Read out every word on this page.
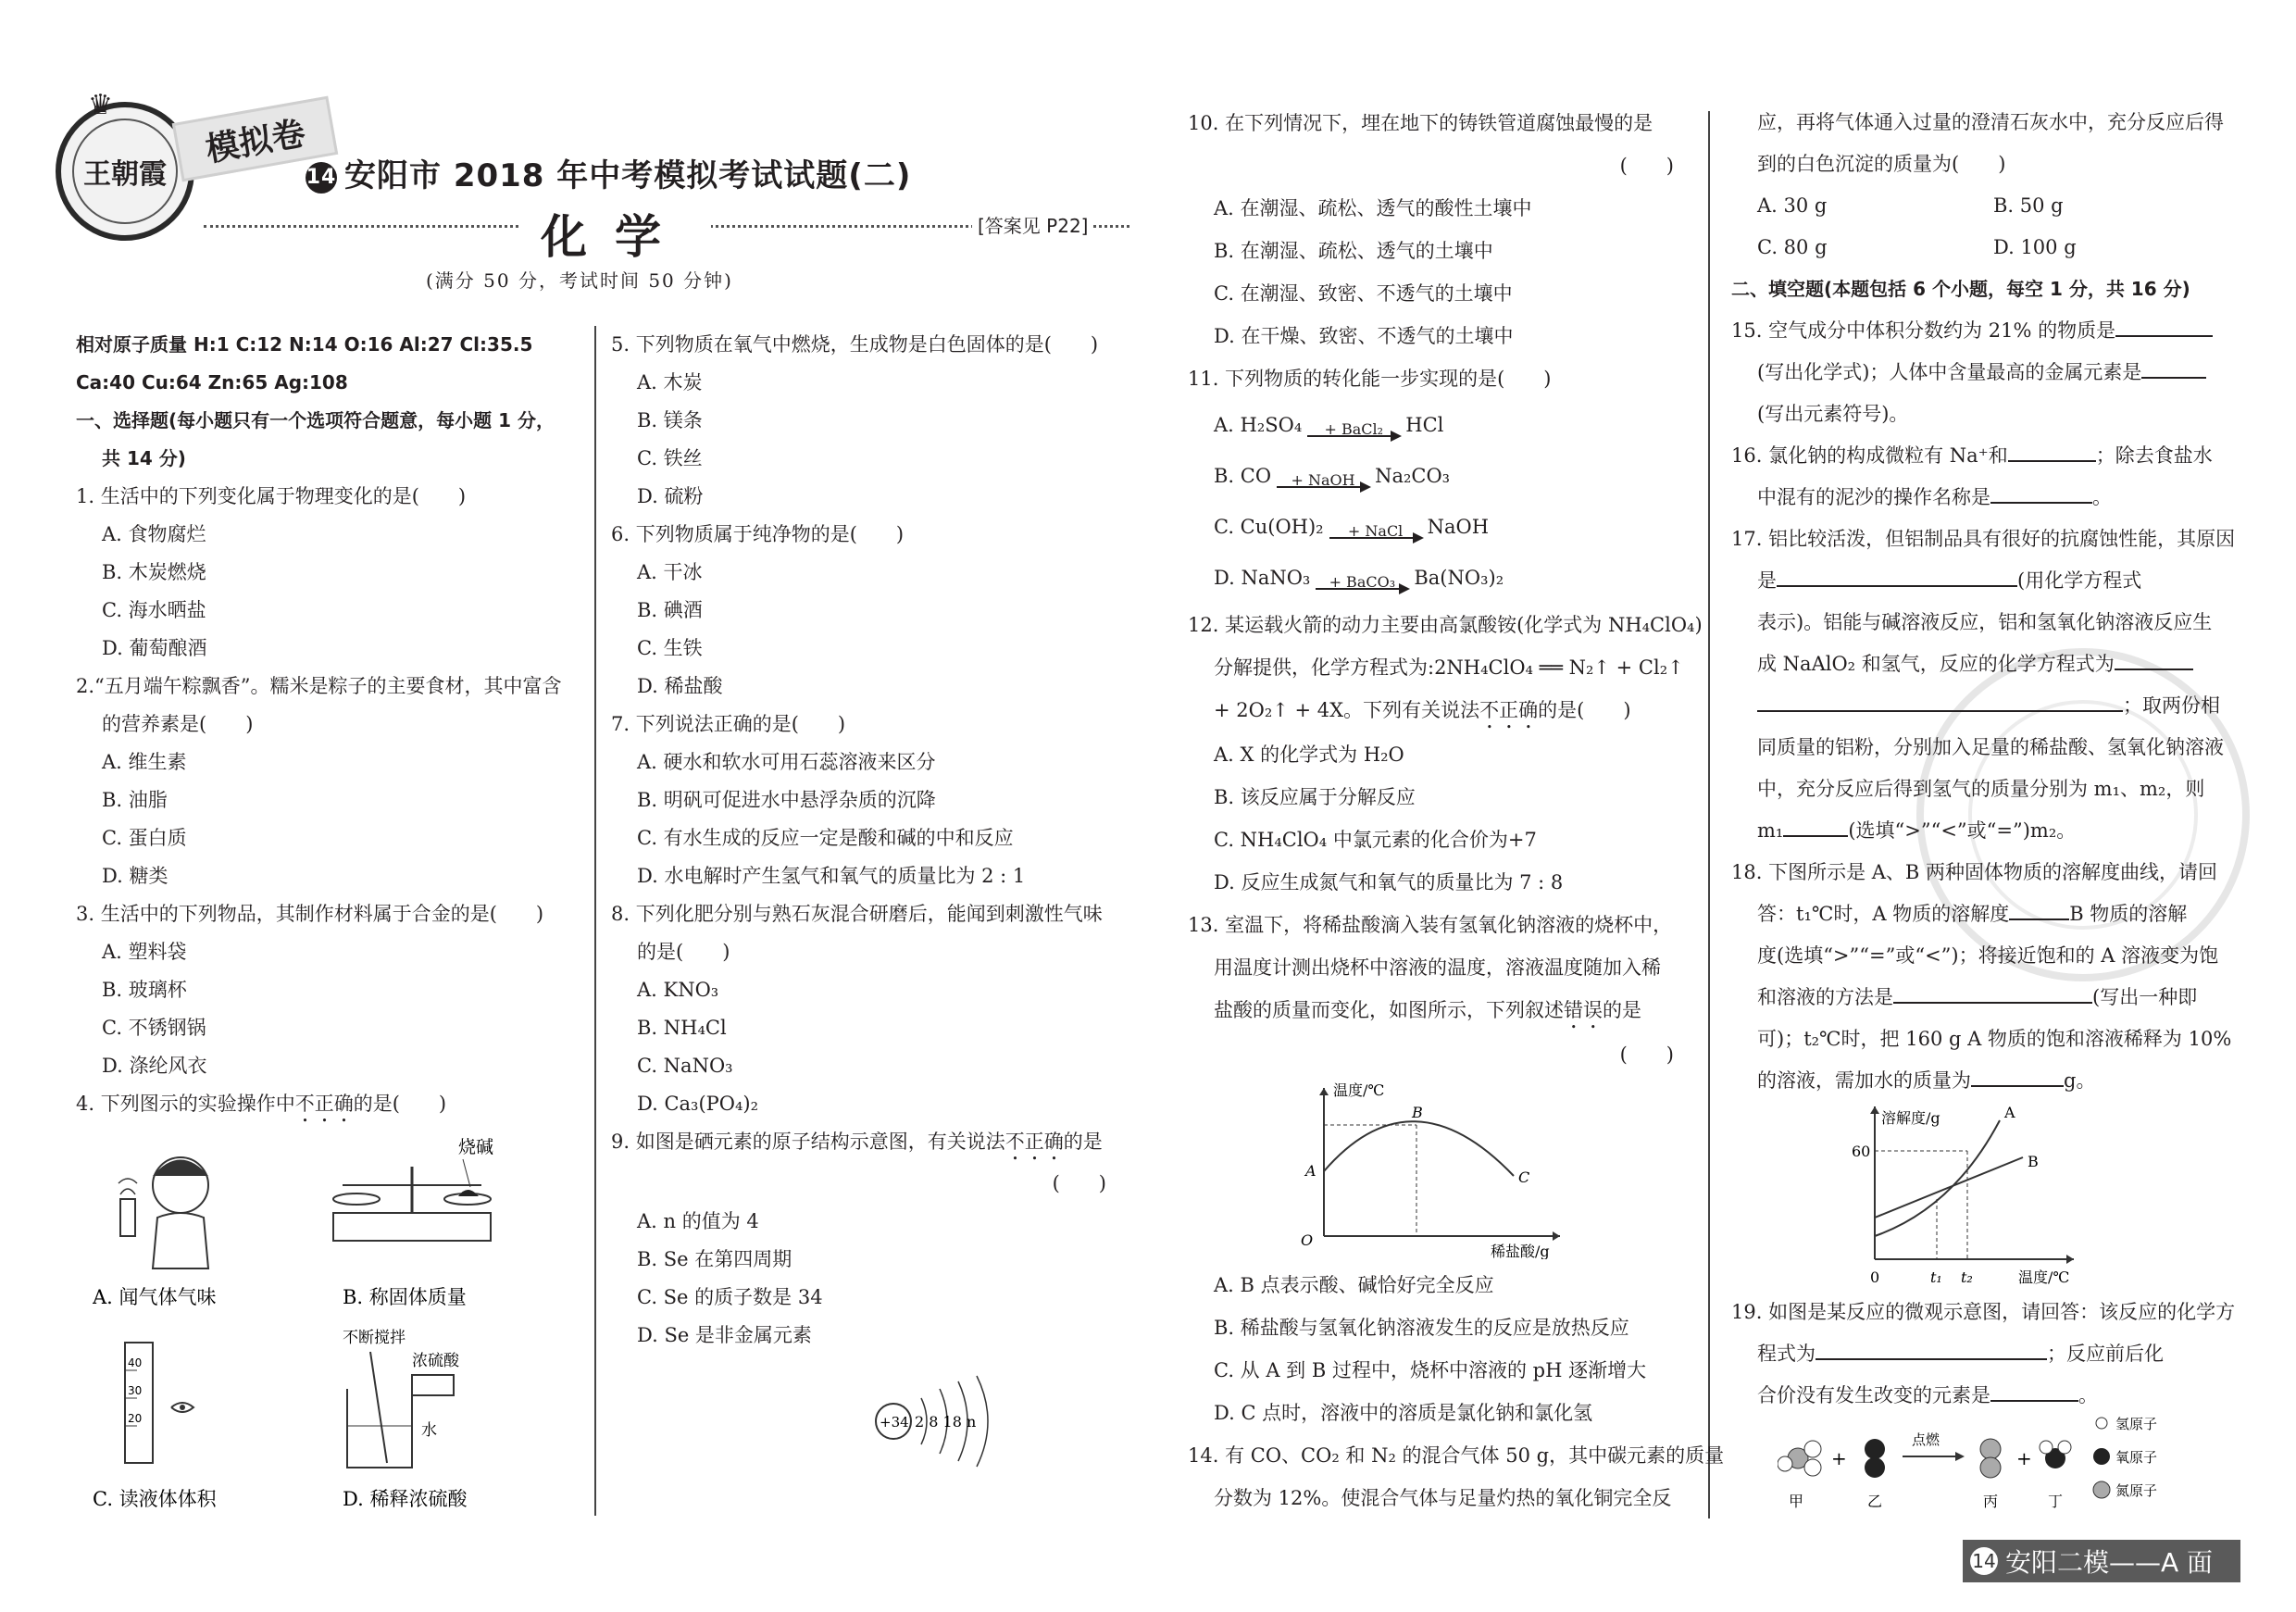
王朝霞
♛
模拟卷
14 安阳市 2018 年中考模拟考试试题(二)
化学	[答案见 P22]
(满分 50 分，考试时间 50 分钟)

相对原子质量 H:1 C:12 N:14 O:16 Al:27 Cl:35.5

Ca:40 Cu:64 Zn:65 Ag:108

一、选择题(每小题只有一个选项符合题意，每小题 1 分，

共 14 分)

1. 生活中的下列变化属于物理变化的是(　　)

A. 食物腐烂

B. 木炭燃烧

C. 海水晒盐

D. 葡萄酿酒

2.“五月端午粽飘香”。糯米是粽子的主要食材，其中富含

的营养素是(　　)

A. 维生素

B. 油脂

C. 蛋白质

D. 糖类

3. 生活中的下列物品，其制作材料属于合金的是(　　)

A. 塑料袋

B. 玻璃杯

C. 不锈钢锅

D. 涤纶风衣

4. 下列图示的实验操作中不正确的是(　　)

烧碱
A. 闻气体气味	B. 称固体质量
40
30
20
不断搅拌
浓硫酸
水
C. 读液体体积	D. 稀释浓硫酸

5. 下列物质在氧气中燃烧，生成物是白色固体的是(　　)

A. 木炭

B. 镁条

C. 铁丝

D. 硫粉

6. 下列物质属于纯净物的是(　　)

A. 干冰

B. 碘酒

C. 生铁

D. 稀盐酸

7. 下列说法正确的是(　　)

A. 硬水和软水可用石蕊溶液来区分

B. 明矾可促进水中悬浮杂质的沉降

C. 有水生成的反应一定是酸和碱的中和反应

D. 水电解时产生氢气和氧气的质量比为 2 : 1

8. 下列化肥分别与熟石灰混合研磨后，能闻到刺激性气味

的是(　　)

A. KNO₃

B. NH₄Cl

C. NaNO₃

D. Ca₃(PO₄)₂

9. 如图是硒元素的原子结构示意图，有关说法不正确的是

(　　)

A. n 的值为 4

B. Se 在第四周期

C. Se 的质子数是 34

D. Se 是非金属元素

+34 2 8 18 n

10. 在下列情况下，埋在地下的铸铁管道腐蚀最慢的是

(　　)

A. 在潮湿、疏松、透气的酸性土壤中

B. 在潮湿、疏松、透气的土壤中

C. 在潮湿、致密、不透气的土壤中

D. 在干燥、致密、不透气的土壤中

11. 下列物质的转化能一步实现的是(　　)

A. H₂SO₄	+ BaCl₂	HCl

B. CO	+ NaOH	Na₂CO₃

C. Cu(OH)₂	+ NaCl	NaOH

D. NaNO₃	+ BaCO₃ Ba(NO₃)₂

12. 某运载火箭的动力主要由高氯酸铵(化学式为 NH₄ClO₄)

分解提供，化学方程式为:2NH₄ClO₄ ══ N₂↑ + Cl₂↑

+ 2O₂↑ + 4X。下列有关说法不正确的是(　　)

A. X 的化学式为 H₂O

B. 该反应属于分解反应

C. NH₄ClO₄ 中氯元素的化合价为+7

D. 反应生成氮气和氧气的质量比为 7 : 8

13. 室温下，将稀盐酸滴入装有氢氧化钠溶液的烧杯中，

用温度计测出烧杯中溶液的温度，溶液温度随加入稀

盐酸的质量而变化，如图所示，下列叙述错误的是

(　　)

温度/℃
稀盐酸/g
O
A
B
C

A. B 点表示酸、碱恰好完全反应

B. 稀盐酸与氢氧化钠溶液发生的反应是放热反应

C. 从 A 到 B 过程中，烧杯中溶液的 pH 逐渐增大

D. C 点时，溶液中的溶质是氯化钠和氯化氢

14. 有 CO、CO₂ 和 N₂ 的混合气体 50 g，其中碳元素的质量

分数为 12%。使混合气体与足量灼热的氧化铜完全反

应，再将气体通入过量的澄清石灰水中，充分反应后得

到的白色沉淀的质量为(　　)

A. 30 g	B. 50 g

C. 80 g	D. 100 g

二、填空题(本题包括 6 个小题，每空 1 分，共 16 分)

15. 空气成分中体积分数约为 21% 的物质是

(写出化学式)；人体中含量最高的金属元素是

(写出元素符号)。

16. 氯化钠的构成微粒有 Na⁺和	；除去食盐水

中混有的泥沙的操作名称是	。

17. 铝比较活泼，但铝制品具有很好的抗腐蚀性能，其原因

是	(用化学方程式

表示)。铝能与碱溶液反应，铝和氢氧化钠溶液反应生

成 NaAlO₂ 和氢气，反应的化学方程式为

；取两份相

同质量的铝粉，分别加入足量的稀盐酸、氢氧化钠溶液

中，充分反应后得到氢气的质量分别为 m₁、m₂，则

m₁	(选填“>”“<”或“=”)m₂。

18. 下图所示是 A、B 两种固体物质的溶解度曲线，请回

答：t₁℃时，A 物质的溶解度	B 物质的溶解

度(选填“>”“=”或“<”)；将接近饱和的 A 溶液变为饱

和溶液的方法是	(写出一种即

可)；t₂℃时，把 160 g A 物质的饱和溶液稀释为 10%

的溶液，需加水的质量为	g。

溶解度/g
温度/℃
60
0	t₁ t₂
A
B

19. 如图是某反应的微观示意图，请回答：该反应的化学方

程式为	；反应前后化

合价没有发生改变的元素是	。

+
点燃
+
甲	乙	丙	丁
氢原子
氧原子
氮原子
14 安阳二模——A 面
